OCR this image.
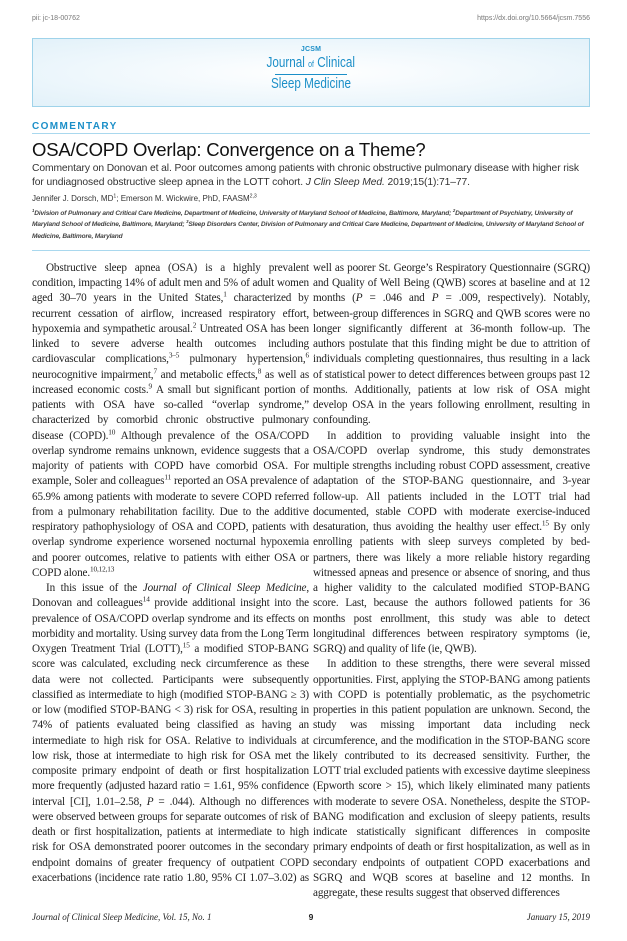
pii: jc-18-00762	https://dx.doi.org/10.5664/jcsm.7556
JCSM
Journal of Clinical
Sleep Medicine
COMMENTARY
OSA/COPD Overlap: Convergence on a Theme?
Commentary on Donovan et al. Poor outcomes among patients with chronic obstructive pulmonary disease with higher risk for undiagnosed obstructive sleep apnea in the LOTT cohort. J Clin Sleep Med. 2019;15(1):71–77.
Jennifer J. Dorsch, $MD^1$; Emerson M. Wickwire, PhD, FAASM$^{2,3}$
$^1$Division of Pulmonary and Critical Care Medicine, Department of Medicine, University of Maryland School of Medicine, Baltimore, Maryland; $^2$Department of Psychiatry, University of Maryland School of Medicine, Baltimore, Maryland; $^3$Sleep Disorders Center, Division of Pulmonary and Critical Care Medicine, Department of Medicine, University of Maryland School of Medicine, Baltimore, Maryland

Obstructive sleep apnea (OSA) is a highly prevalent condition, impacting 14% of adult men and 5% of adult women aged 30–70 years in the United States,$^1$ characterized by recurrent cessation of airflow, increased respiratory effort, hypoxemia and sympathetic arousal.$^2$ Untreated OSA has been linked to severe adverse health outcomes including cardiovascular complications,$^{3-5}$ pulmonary hypertension,$^6$ neurocognitive impairment,$^7$ and metabolic effects,$^8$ as well as increased economic costs.$^9$ A small but significant portion of patients with OSA have so-called “overlap syndrome,” characterized by comorbid chronic obstructive pulmonary disease (COPD).$^{10}$ Although prevalence of the OSA/COPD overlap syndrome remains unknown, evidence suggests that a majority of patients with COPD have comorbid OSA. For example, Soler and colleagues$^{11}$ reported an OSA prevalence of 65.9% among patients with moderate to severe COPD referred from a pulmonary rehabilitation facility. Due to the additive respiratory pathophysiology of OSA and COPD, patients with overlap syndrome experience worsened nocturnal hypoxemia and poorer outcomes, relative to patients with either OSA or COPD alone.$^{10,12,13}$

In this issue of the Journal of Clinical Sleep Medicine, Donovan and colleagues$^{14}$ provide additional insight into the prevalence of OSA/COPD overlap syndrome and its effects on morbidity and mortality. Using survey data from the Long Term Oxygen Treatment Trial (LOTT),$^{15}$ a modified STOP-BANG score was calculated, excluding neck circumference as these data were not collected. Participants were subsequently classified as intermediate to high (modified STOP-BANG ≥ 3) or low (modified STOP-BANG < 3) risk for OSA, resulting in 74% of patients evaluated being classified as having an intermediate to high risk for OSA. Relative to individuals at low risk, those at intermediate to high risk for OSA met the composite primary endpoint of death or first hospitalization more frequently (adjusted hazard ratio = 1.61, 95% confidence interval [CI], 1.01–2.58, P = .044). Although no differences were observed between groups for separate outcomes of risk of death or first hospitalization, patients at intermediate to high risk for OSA demonstrated poorer outcomes in the secondary endpoint domains of greater frequency of outpatient COPD exacerbations (incidence rate ratio 1.80, 95% CI 1.07–3.02) as

well as poorer St. George’s Respiratory Questionnaire (SGRQ) and Quality of Well Being (QWB) scores at baseline and at 12 months (P = .046 and P = .009, respectively). Notably, between-group differences in SGRQ and QWB scores were no longer significantly different at 36-month follow-up. The authors postulate that this finding might be due to attrition of individuals completing questionnaires, thus resulting in a lack of statistical power to detect differences between groups past 12 months. Additionally, patients at low risk of OSA might develop OSA in the years following enrollment, resulting in confounding.

In addition to providing valuable insight into the OSA/COPD overlap syndrome, this study demonstrates multiple strengths including robust COPD assessment, creative adaptation of the STOP-BANG questionnaire, and 3-year follow-up. All patients included in the LOTT trial had documented, stable COPD with moderate exercise-induced desaturation, thus avoiding the healthy user effect.$^{15}$ By only enrolling patients with sleep surveys completed by bed-partners, there was likely a more reliable history regarding witnessed apneas and presence or absence of snoring, and thus a higher validity to the calculated modified STOP-BANG score. Last, because the authors followed patients for 36 months post enrollment, this study was able to detect longitudinal differences between respiratory symptoms (ie, SGRQ) and quality of life (ie, QWB).

In addition to these strengths, there were several missed opportunities. First, applying the STOP-BANG among patients with COPD is potentially problematic, as the psychometric properties in this patient population are unknown. Second, the study was missing important data including neck circumference, and the modification in the STOP-BANG score likely contributed to its decreased sensitivity. Further, the LOTT trial excluded patients with excessive daytime sleepiness (Epworth score > 15), which likely eliminated many patients with moderate to severe OSA. Nonetheless, despite the STOP-BANG modification and exclusion of sleepy patients, results indicate statistically significant differences in composite primary endpoints of death or first hospitalization, as well as in secondary endpoints of outpatient COPD exacerbations and SGRQ and WQB scores at baseline and 12 months. In aggregate, these results suggest that observed differences

Journal of Clinical Sleep Medicine, Vol. 15, No. 1	9	January 15, 2019
